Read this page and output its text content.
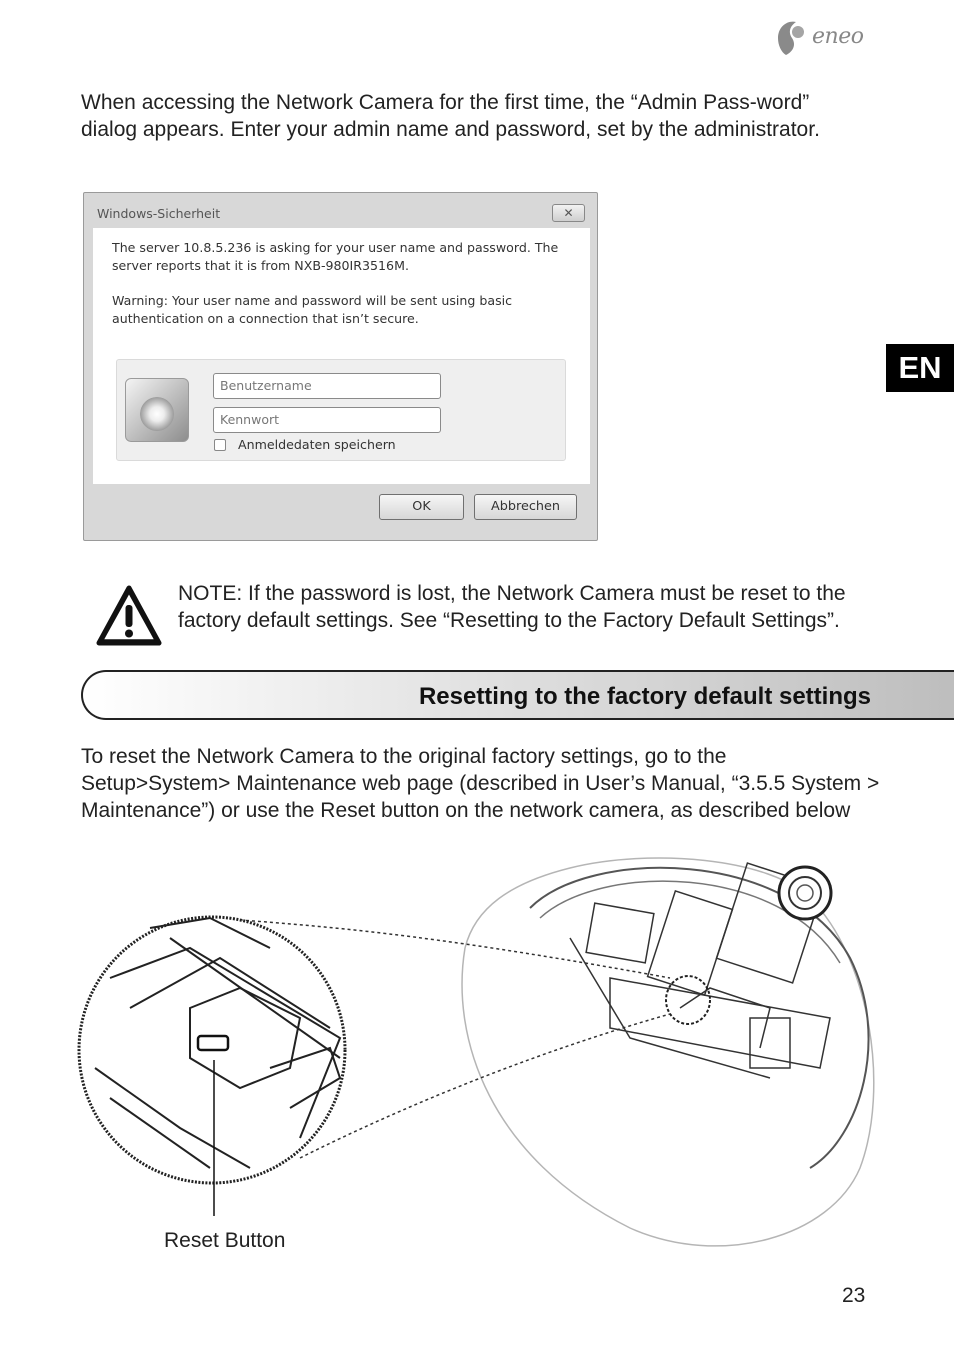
eneo
When accessing the Network Camera for the first time, the “Admin Pass-word” dialog appears. Enter your admin name and password, set by the administrator.
Windows-Sicherheit	✕
The server 10.8.5.236 is asking for your user name and password. The server reports that it is from NXB-980IR3516M.
Warning: Your user name and password will be sent using basic authentication on a connection that isn’t secure.
Benutzername
Kennwort
Anmeldedaten speichern
OK	Abbrechen
EN
NOTE: If the password is lost, the Network Camera must be reset to the factory default settings. See “Resetting to the Factory Default Settings”.
Resetting to the factory default settings
To reset the Network Camera to the original factory settings, go to the Setup>System> Maintenance web page (described in User’s Manual, “3.5.5 System > Maintenance”) or use the Reset button on the network camera, as described below
Reset Button
23
